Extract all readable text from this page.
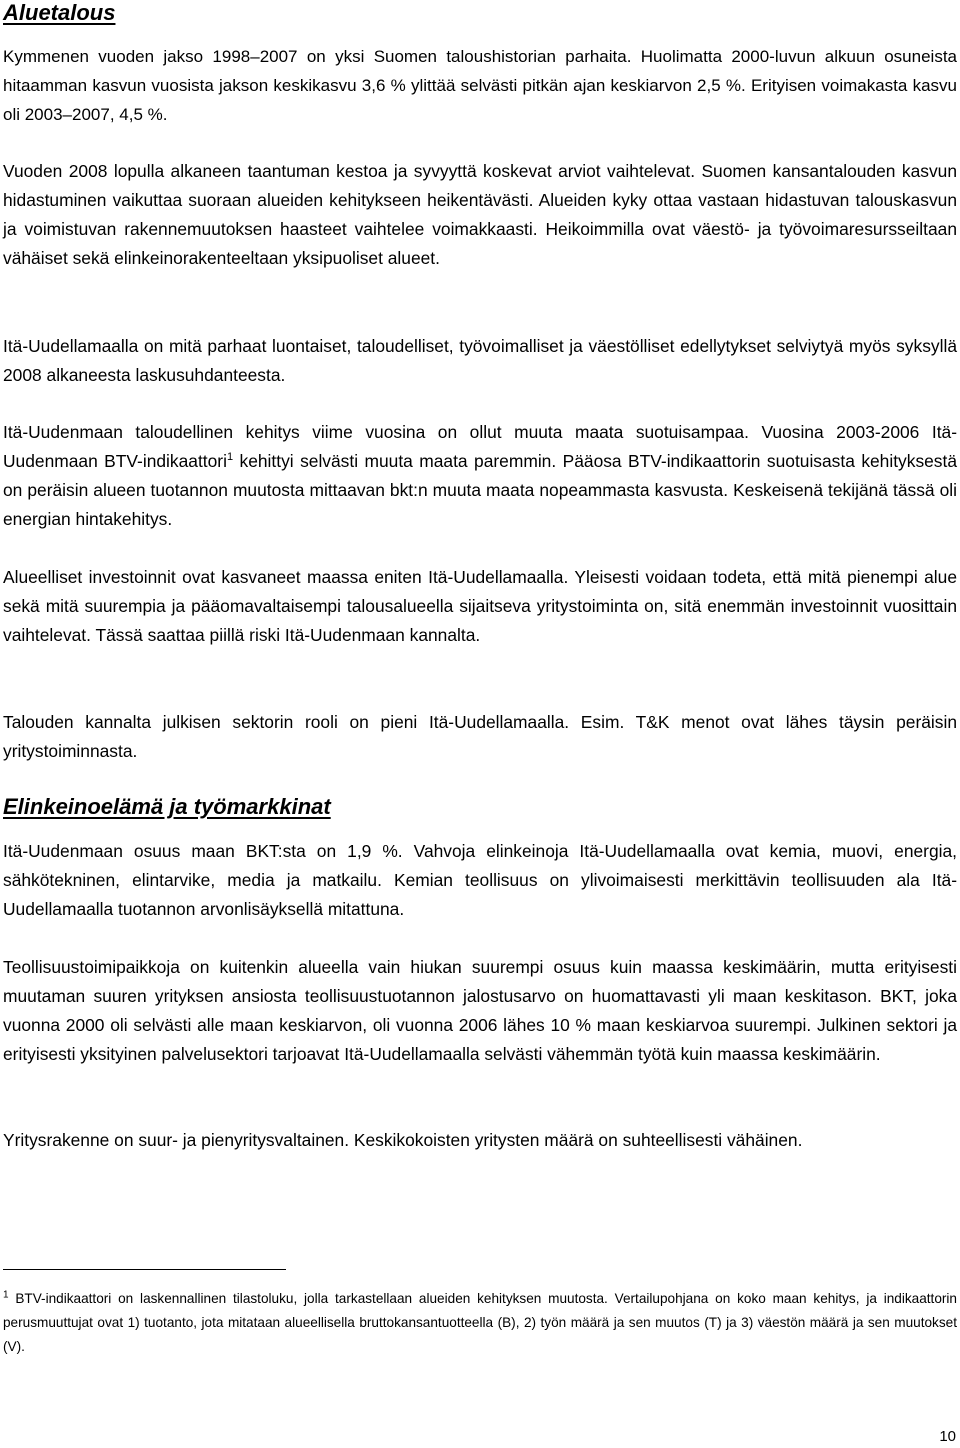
Aluetalous

Kymmenen vuoden jakso 1998–2007 on yksi Suomen taloushistorian parhaita. Huolimatta 2000-luvun alkuun osuneista hitaamman kasvun vuosista jakson keskikasvu 3,6 % ylittää selvästi pitkän ajan keskiarvon 2,5 %. Erityisen voimakasta kasvu oli 2003–2007, 4,5 %.

Vuoden 2008 lopulla alkaneen taantuman kestoa ja syvyyttä koskevat arviot vaihtelevat. Suomen kansantalouden kasvun hidastuminen vaikuttaa suoraan alueiden kehitykseen heikentävästi. Alueiden kyky ottaa vastaan hidastuvan talouskasvun ja voimistuvan rakennemuutoksen haasteet vaihtelee voimakkaasti. Heikoimmilla ovat väestö- ja työvoimaresursseiltaan vähäiset sekä elinkeinorakenteeltaan yksipuoliset alueet.

Itä-Uudellamaalla on mitä parhaat luontaiset, taloudelliset, työvoimalliset ja väestölliset edellytykset selviytyä myös syksyllä 2008 alkaneesta laskusuhdanteesta.

Itä-Uudenmaan taloudellinen kehitys viime vuosina on ollut muuta maata suotuisampaa. Vuosina 2003-2006 Itä-Uudenmaan BTV-indikaattori$^1$ kehittyi selvästi muuta maata paremmin. Pääosa BTV-indikaattorin suotuisasta kehityksestä on peräisin alueen tuotannon muutosta mittaavan bkt:n muuta maata nopeammasta kasvusta. Keskeisenä tekijänä tässä oli energian hintakehitys.

Alueelliset investoinnit ovat kasvaneet maassa eniten Itä-Uudellamaalla. Yleisesti voidaan todeta, että mitä pienempi alue sekä mitä suurempia ja pääomavaltaisempi talousalueella sijaitseva yritystoiminta on, sitä enemmän investoinnit vuosittain vaihtelevat. Tässä saattaa piillä riski Itä-Uudenmaan kannalta.

Talouden kannalta julkisen sektorin rooli on pieni Itä-Uudellamaalla. Esim. T&K menot ovat lähes täysin peräisin yritystoiminnasta.

Elinkeinoelämä ja työmarkkinat

Itä-Uudenmaan osuus maan BKT:sta on 1,9 %. Vahvoja elinkeinoja Itä-Uudellamaalla ovat kemia, muovi, energia, sähkötekninen, elintarvike, media ja matkailu. Kemian teollisuus on ylivoimaisesti merkittävin teollisuuden ala Itä-Uudellamaalla tuotannon arvonlisäyksellä mitattuna.

Teollisuustoimipaikkoja on kuitenkin alueella vain hiukan suurempi osuus kuin maassa keskimäärin, mutta erityisesti muutaman suuren yrityksen ansiosta teollisuustuotannon jalostusarvo on huomattavasti yli maan keskitason. BKT, joka vuonna 2000 oli selvästi alle maan keskiarvon, oli vuonna 2006 lähes 10 % maan keskiarvoa suurempi. Julkinen sektori ja erityisesti yksityinen palvelusektori tarjoavat Itä-Uudellamaalla selvästi vähemmän työtä kuin maassa keskimäärin.

Yritysrakenne on suur- ja pienyritysvaltainen. Keskikokoisten yritysten määrä on suhteellisesti vähäinen.

$^1$ BTV-indikaattori on laskennallinen tilastoluku, jolla tarkastellaan alueiden kehityksen muutosta. Vertailupohjana on koko maan kehitys, ja indikaattorin perusmuuttujat ovat 1) tuotanto, jota mitataan alueellisella bruttokansantuotteella (B), 2) työn määrä ja sen muutos (T) ja 3) väestön määrä ja sen muutokset (V).

10
